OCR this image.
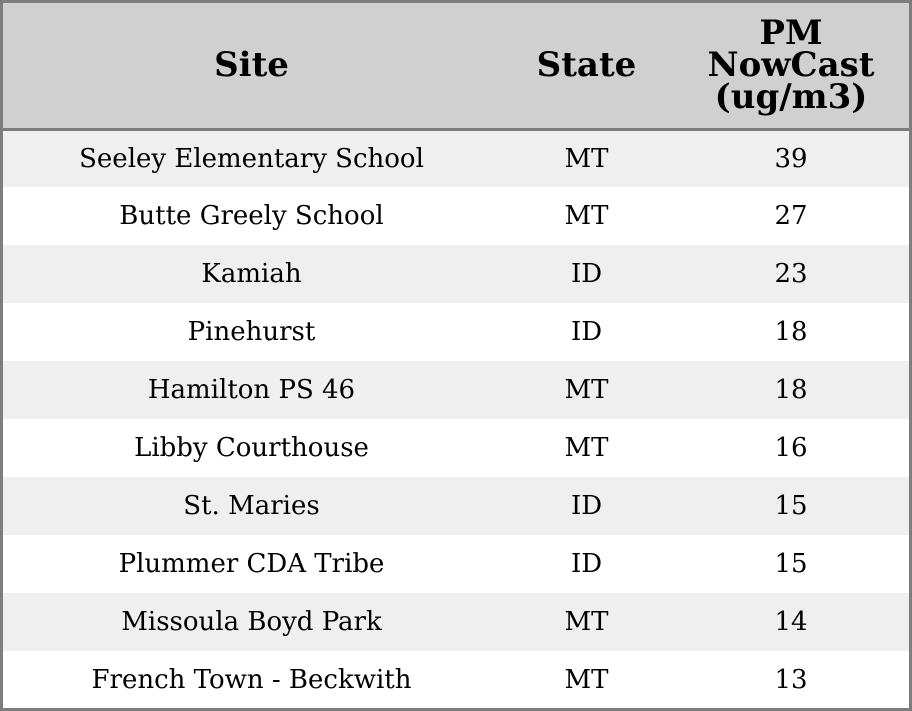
Site	State	PM NowCast (ug/m3)
Seeley Elementary School	MT	39
Butte Greely School	MT	27
Kamiah	ID	23
Pinehurst	ID	18
Hamilton PS 46	MT	18
Libby Courthouse	MT	16
St. Maries	ID	15
Plummer CDA Tribe	ID	15
Missoula Boyd Park	MT	14
French Town - Beckwith	MT	13
